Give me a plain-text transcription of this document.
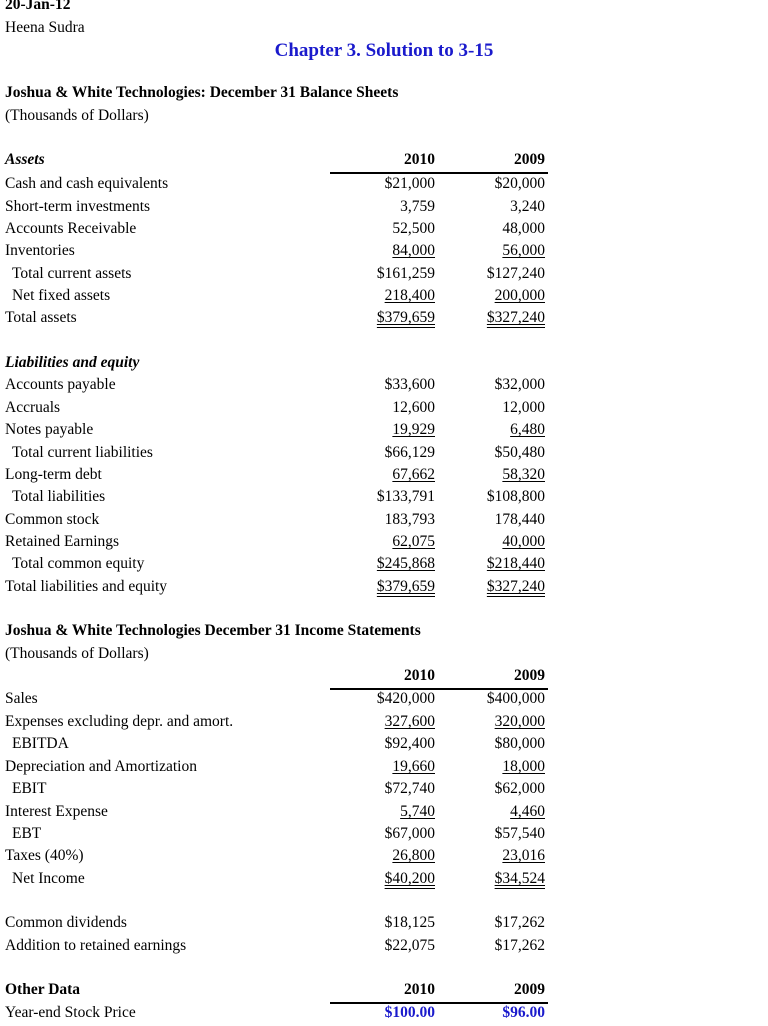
20-Jan-12
Heena Sudra
Chapter 3. Solution to 3-15
Joshua & White Technologies: December 31 Balance Sheets
(Thousands of Dollars)
Assets	2010	2009
Cash and cash equivalents	$21,000	$20,000
Short-term investments	3,759	3,240
Accounts Receivable	52,500	48,000
Inventories	84,000	56,000
Total current assets	$161,259	$127,240
Net fixed assets	218,400	200,000
Total assets	$379,659	$327,240
Liabilities and equity
Accounts payable	$33,600	$32,000
Accruals	12,600	12,000
Notes payable	19,929	6,480
Total current liabilities	$66,129	$50,480
Long-term debt	67,662	58,320
Total liabilities	$133,791	$108,800
Common stock	183,793	178,440
Retained Earnings	62,075	40,000
Total common equity	$245,868	$218,440
Total liabilities and equity	$379,659	$327,240
Joshua & White Technologies December 31 Income Statements
(Thousands of Dollars)
2010	2009
Sales	$420,000	$400,000
Expenses excluding depr. and amort.	327,600	320,000
EBITDA	$92,400	$80,000
Depreciation and Amortization	19,660	18,000
EBIT	$72,740	$62,000
Interest Expense	5,740	4,460
EBT	$67,000	$57,540
Taxes (40%)	26,800	23,016
Net Income	$40,200	$34,524
Common dividends	$18,125	$17,262
Addition to retained earnings	$22,075	$17,262
Other Data	2010	2009
Year-end Stock Price	$100.00	$96.00
